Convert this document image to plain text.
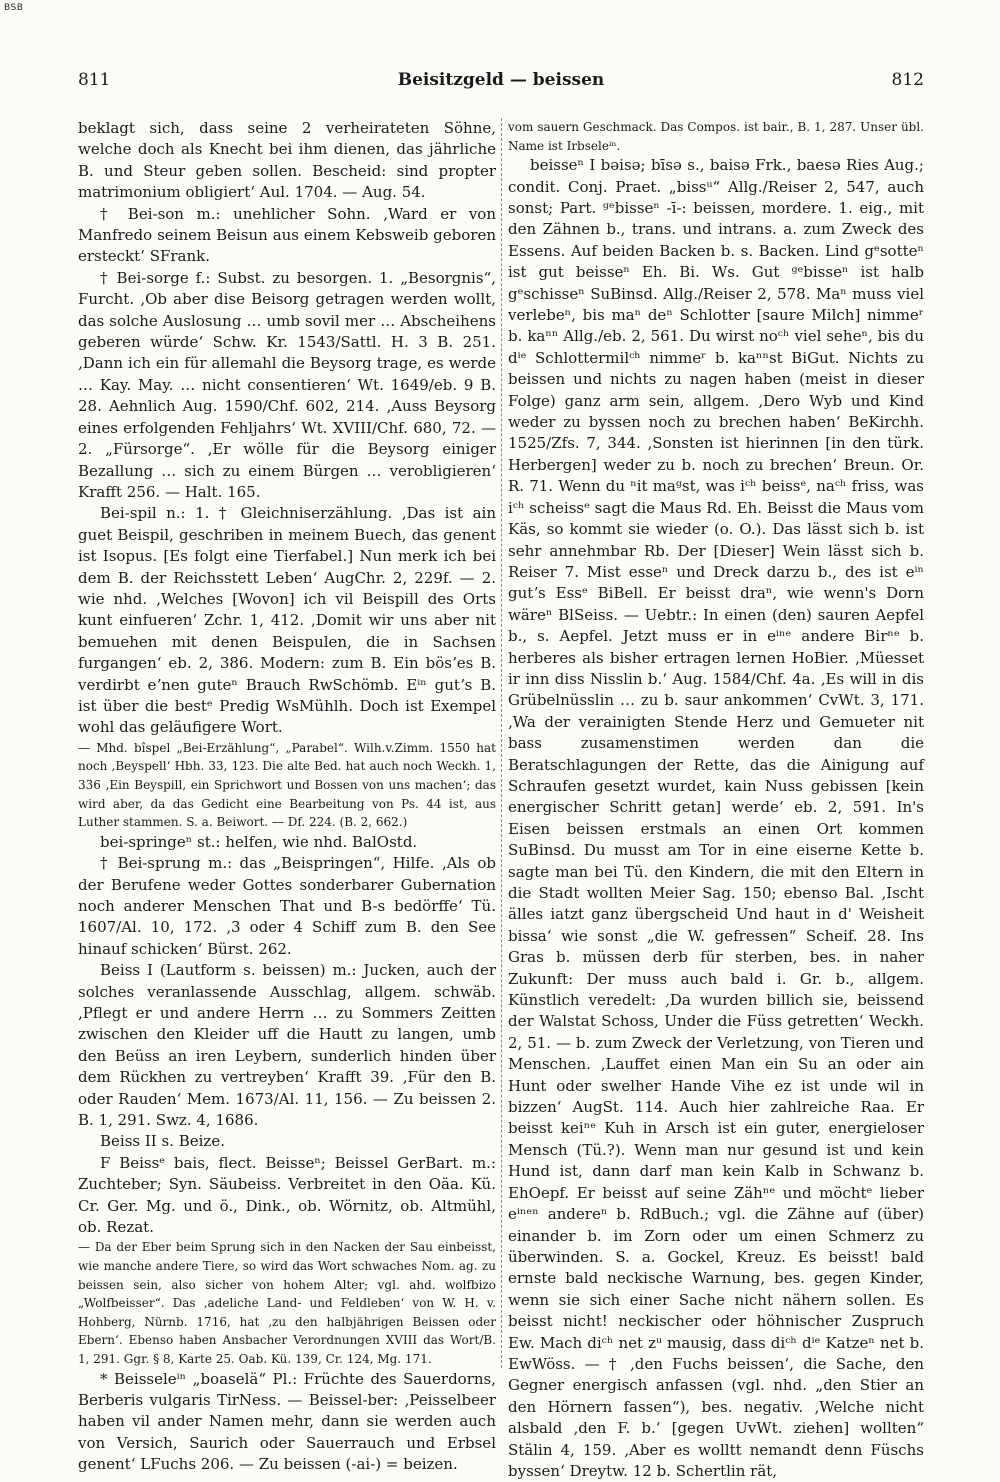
BSB
811	Beisitzgeld — beissen	812

beklagt sich, dass seine 2 verheirateten Söhne, welche doch als Knecht bei ihm dienen, das jährliche B. und Steur geben sollen. Bescheid: sind propter matrimonium obligiert‘ Aul. 1704. — Aug. 54.

† Bei-son m.: unehlicher Sohn. ‚Ward er von Manfredo seinem Beisun aus einem Kebsweib geboren ersteckt‘ SFrank.

† Bei-sorge f.: Subst. zu besorgen. 1. „Besorgnis“, Furcht. ‚Ob aber dise Beisorg getragen werden wollt, das solche Auslosung … umb sovil mer … Abscheihens geberen würde‘ Schw. Kr. 1543/Sattl. H. 3 B. 251. ‚Dann ich ein für allemahl die Beysorg trage, es werde … Kay. May. … nicht consentieren‘ Wt. 1649/eb. 9 B. 28. Aehnlich Aug. 1590/Chf. 602, 214. ‚Auss Beysorg eines erfolgenden Fehljahrs‘ Wt. XVIII/Chf. 680, 72. — 2. „Fürsorge“. ‚Er wölle für die Beysorg einiger Bezallung … sich zu einem Bürgen … verobligieren‘ Krafft 256. — Halt. 165.

Bei-spil n.: 1. † Gleichniserzählung. ‚Das ist ain guet Beispil, geschriben in meinem Buech, das genent ist Isopus. [Es folgt eine Tierfabel.] Nun merk ich bei dem B. der Reichsstett Leben‘ AugChr. 2, 229f. — 2. wie nhd. ‚Welches [Wovon] ich vil Beispill des Orts kunt einfueren‘ Zchr. 1, 412. ‚Domit wir uns aber nit bemuehen mit denen Beispulen, die in Sachsen furgangen‘ eb. 2, 386. Modern: zum B. Ein bösʼes B. verdirbt eʼnen guteⁿ Brauch RwSchömb. Eⁱⁿ gutʼs B. ist über die bestᵉ Predig WsMühlh. Doch ist Exempel wohl das geläufigere Wort.

— Mhd. bîspel „Bei-Erzählung“, „Parabel“. Wilh.v.Zimm. 1550 hat noch ‚Beyspell‘ Hbh. 33, 123. Die alte Bed. hat auch noch Weckh. 1, 336 ‚Ein Beyspill, ein Sprichwort und Bossen von uns machen‘; das wird aber, da das Gedicht eine Bearbeitung von Ps. 44 ist, aus Luther stammen. S. a. Beiwort. — Df. 224. (B. 2, 662.)

bei-springeⁿ st.: helfen, wie nhd. BalOstd.

† Bei-sprung m.: das „Beispringen“, Hilfe. ‚Als ob der Berufene weder Gottes sonderbarer Gubernation noch anderer Menschen That und B-s bedörffe‘ Tü. 1607/Al. 10, 172. ‚3 oder 4 Schiff zum B. den See hinauf schicken‘ Bürst. 262.

Beiss I (Lautform s. beissen) m.: Jucken, auch der solches veranlassende Ausschlag, allgem. schwäb. ‚Pflegt er und andere Herrn … zu Sommers Zeitten zwischen den Kleider uff die Hautt zu langen, umb den Beüss an iren Leybern, sunderlich hinden über dem Rückhen zu vertreyben‘ Krafft 39. ‚Für den B. oder Rauden‘ Mem. 1673/Al. 11, 156. — Zu beissen 2. B. 1, 291. Swz. 4, 1686.

Beiss II s. Beize.

F Beissᵉ bais, flect. Beisseⁿ; Beissel GerBart. m.: Zuchteber; Syn. Säubeiss. Verbreitet in den Oäa. Kü. Cr. Ger. Mg. und ö., Dink., ob. Wörnitz, ob. Altmühl, ob. Rezat.

— Da der Eber beim Sprung sich in den Nacken der Sau einbeisst, wie manche andere Tiere, so wird das Wort schwaches Nom. ag. zu beissen sein, also sicher von hohem Alter; vgl. ahd. wolfbizo „Wolfbeisser“. Das ‚adeliche Land- und Feldleben‘ von W. H. v. Hohberg, Nürnb. 1716, hat ‚zu den halbjährigen Beissen oder Ebern‘. Ebenso haben Ansbacher Verordnungen XVIII das Wort/B. 1, 291. Ggr. § 8, Karte 25. Oab. Kü. 139, Cr. 124, Mg. 171.

* Beisseleⁱⁿ „boaselä“ Pl.: Früchte des Sauerdorns, Berberis vulgaris TirNess. — Beissel-ber: ‚Peisselbeer haben vil ander Namen mehr, dann sie werden auch von Versich, Saurich oder Sauerrauch und Erbsel genent‘ LFuchs 206. — Zu beissen (-ai-) = beizen.

vom sauern Geschmack. Das Compos. ist bair., B. 1, 287. Unser übl. Name ist Irbseleⁱⁿ.

beisseⁿ I bəisə; bīsə s., baisə Frk., baesə Ries Aug.; condit. Conj. Praet. „bissᵘ“ Allg./Reiser 2, 547, auch sonst; Part. ᵍᵉbisseⁿ -ī-: beissen, mordere. 1. eig., mit den Zähnen b., trans. und intrans. a. zum Zweck des Essens. Auf beiden Backen b. s. Backen. Lind gᵉsotteⁿ ist gut beisseⁿ Eh. Bi. Ws. Gut ᵍᵉbisseⁿ ist halb gᵉschisseⁿ SuBinsd. Allg./Reiser 2, 578. Maⁿ muss viel verlebeⁿ, bis maⁿ deⁿ Schlotter [saure Milch] nimmeʳ b. kaⁿⁿ Allg./eb. 2, 561. Du wirst noᶜʰ viel seheⁿ, bis du dⁱᵉ Schlottermilᶜʰ nimmeʳ b. kaⁿⁿst BiGut. Nichts zu beissen und nichts zu nagen haben (meist in dieser Folge) ganz arm sein, allgem. ‚Dero Wyb und Kind weder zu byssen noch zu brechen haben‘ BeKirchh. 1525/Zfs. 7, 344. ‚Sonsten ist hierinnen [in den türk. Herbergen] weder zu b. noch zu brechen‘ Breun. Or. R. 71. Wenn du ⁿit maᵍst, was iᶜʰ beissᵉ, naᶜʰ friss, was iᶜʰ scheissᵉ sagt die Maus Rd. Eh. Beisst die Maus vom Käs, so kommt sie wieder (o. O.). Das lässt sich b. ist sehr annehmbar Rb. Der [Dieser] Wein lässt sich b. Reiser 7. Mist esseⁿ und Dreck darzu b., des ist eⁱⁿ gutʼs Essᵉ BiBell. Er beisst draⁿ, wie wenn's Dorn wäreⁿ BlSeiss. — Uebtr.: In einen (den) sauren Aepfel b., s. Aepfel. Jetzt muss er in eⁱⁿᵉ andere Birⁿᵉ b. herberes als bisher ertragen lernen HoBier. ‚Müesset ir inn diss Nisslin b.‘ Aug. 1584/Chf. 4a. ‚Es will in dis Grübelnüsslin … zu b. saur ankommen‘ CvWt. 3, 171. ‚Wa der verainigten Stende Herz und Gemueter nit bass zusamenstimen werden dan die Beratschlagungen der Rette, das die Ainigung auf Schraufen gesetzt wurdet, kain Nuss gebissen [kein energischer Schritt getan] werde‘ eb. 2, 591. In's Eisen beissen erstmals an einen Ort kommen SuBinsd. Du musst am Tor in eine eiserne Kette b. sagte man bei Tü. den Kindern, die mit den Eltern in die Stadt wollten Meier Sag. 150; ebenso Bal. ‚Ischt älles iatzt ganz übergscheid Und haut in d' Weisheit bissa‘ wie sonst „die W. gefressen“ Scheif. 28. Ins Gras b. müssen derb für sterben, bes. in naher Zukunft: Der muss auch bald i. Gr. b., allgem. Künstlich veredelt: ‚Da wurden billich sie, beissend der Walstat Schoss, Under die Füss getretten‘ Weckh. 2, 51. — b. zum Zweck der Verletzung, von Tieren und Menschen. ‚Lauffet einen Man ein Su an oder ain Hunt oder swelher Hande Vihe ez ist unde wil in bizzen‘ AugSt. 114. Auch hier zahlreiche Raa. Er beisst keiⁿᵉ Kuh in Arsch ist ein guter, energieloser Mensch (Tü.?). Wenn man nur gesund ist und kein Hund ist, dann darf man kein Kalb in Schwanz b. EhOepf. Er beisst auf seine Zähⁿᵉ und möchtᵉ lieber eⁱⁿᵉⁿ andereⁿ b. RdBuch.; vgl. die Zähne auf (über) einander b. im Zorn oder um einen Schmerz zu überwinden. S. a. Gockel, Kreuz. Es beisst! bald ernste bald neckische Warnung, bes. gegen Kinder, wenn sie sich einer Sache nicht nähern sollen. Es beisst nicht! neckischer oder höhnischer Zuspruch Ew. Mach diᶜʰ net zᵘ mausig, dass diᶜʰ dⁱᵉ Katzeⁿ net b. EwWöss. — † ‚den Fuchs beissen‘, die Sache, den Gegner energisch anfassen (vgl. nhd. „den Stier an den Hörnern fassen“), bes. negativ. ‚Welche nicht alsbald ‚den F. b.‘ [gegen UvWt. ziehen] wollten“ Stälin 4, 159. ‚Aber es wolltt nemandt denn Füschs byssen‘ Dreytw. 12 b. Schertlin rät,
